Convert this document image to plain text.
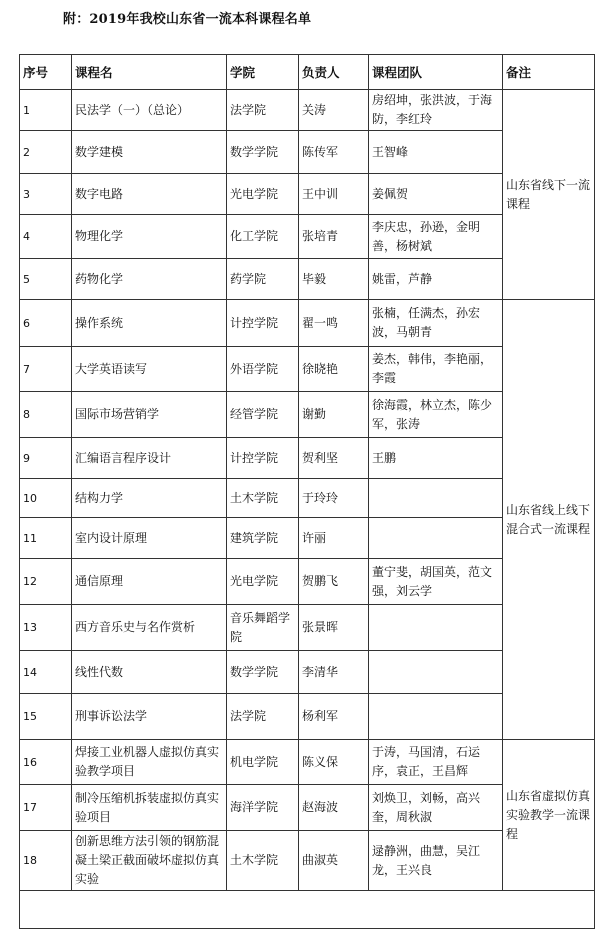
附：2019年我校山东省一流本科课程名单
序号	课程名	学院	负责人	课程团队	备注
1	民法学（一）（总论）	法学院	关涛	房绍坤，张洪波，于海防，李红玲	山东省线下一流课程
2	数学建模	数学学院	陈传军	王智峰	
3	数字电路	光电学院	王中训	姜佩贺	
4	物理化学	化工学院	张培青	李庆忠，孙逊，金明善，杨树斌	
5	药物化学	药学院	毕毅	姚雷，芦静	
6	操作系统	计控学院	翟一鸣	张楠，任满杰，孙宏波，马朝青	山东省线上线下混合式一流课程
7	大学英语读写	外语学院	徐晓艳	姜杰，韩伟，李艳丽，李霞	
8	国际市场营销学	经管学院	谢勤	徐海霞，林立杰，陈少军，张涛	
9	汇编语言程序设计	计控学院	贺利坚	王鹏	
10	结构力学	土木学院	于玲玲		
11	室内设计原理	建筑学院	许丽		
12	通信原理	光电学院	贺鹏飞	董宁斐，胡国英，范文强，刘云学	
13	西方音乐史与名作赏析	音乐舞蹈学院	张景晖		
14	线性代数	数学学院	李清华		
15	刑事诉讼法学	法学院	杨利军		
16	焊接工业机器人虚拟仿真实验教学项目	机电学院	陈义保	于涛，马国清，石运序，袁正，王昌辉	山东省虚拟仿真实验教学一流课程
17	制冷压缩机拆装虚拟仿真实验项目	海洋学院	赵海波	刘焕卫，刘畅，高兴奎，周秋淑	
18	创新思维方法引领的钢筋混凝土梁正截面破坏虚拟仿真实验	土木学院	曲淑英	逯静洲，曲慧，吴江龙，王兴良	
